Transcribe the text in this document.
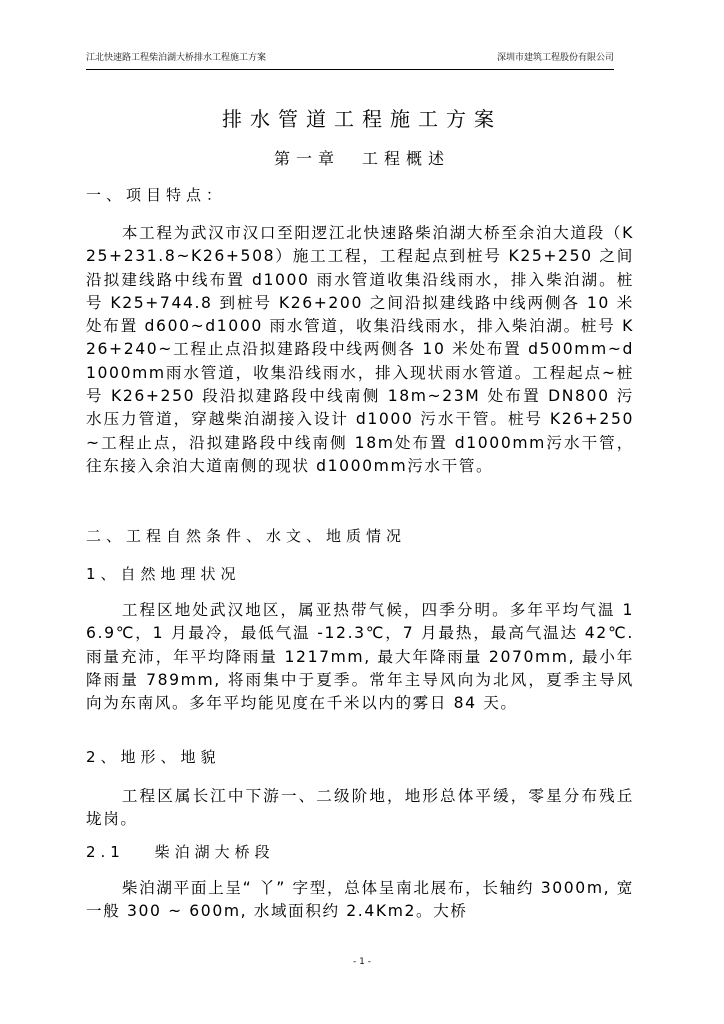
江北快速路工程柴泊湖大桥排水工程施工方案	深圳市建筑工程股份有限公司
排水管道工程施工方案
第一章 工程概述
一、项目特点：

本工程为武汉市汉口至阳逻江北快速路柴泊湖大桥至余泊大道段（K25+231.8~K26+508）施工工程，工程起点到桩号 K25+250 之间沿拟建线路中线布置 d1000 雨水管道收集沿线雨水，排入柴泊湖。桩号 K25+744.8 到桩号 K26+200 之间沿拟建线路中线两侧各 10 米处布置 d600~d1000 雨水管道，收集沿线雨水，排入柴泊湖。桩号 K26+240~工程止点沿拟建路段中线两侧各 10 米处布置 d500mm~d1000mm雨水管道，收集沿线雨水，排入现状雨水管道。工程起点~桩号 K26+250 段沿拟建路段中线南侧 18m~23M 处布置 DN800 污水压力管道，穿越柴泊湖接入设计 d1000 污水干管。桩号 K26+250~工程止点，沿拟建路段中线南侧 18m处布置 d1000mm污水干管，往东接入余泊大道南侧的现状 d1000mm污水干管。

二、工程自然条件、水文、地质情况
1、自然地理状况

工程区地处武汉地区，属亚热带气候，四季分明。多年平均气温 16.9℃，1 月最冷，最低气温 -12.3℃，7 月最热，最高气温达 42℃.雨量充沛，年平均降雨量 1217mm, 最大年降雨量 2070mm, 最小年降雨量 789mm, 将雨集中于夏季。常年主导风向为北风，夏季主导风向为东南风。多年平均能见度在千米以内的雾日 84 天。

2、地形、地貌

工程区属长江中下游一、二级阶地，地形总体平缓，零星分布残丘垅岗。

2.1　 柴泊湖大桥段

柴泊湖平面上呈“ 丫” 字型，总体呈南北展布，长轴约 3000m, 宽一般 300 ~ 600m, 水域面积约 2.4Km2。大桥

- 1 -
